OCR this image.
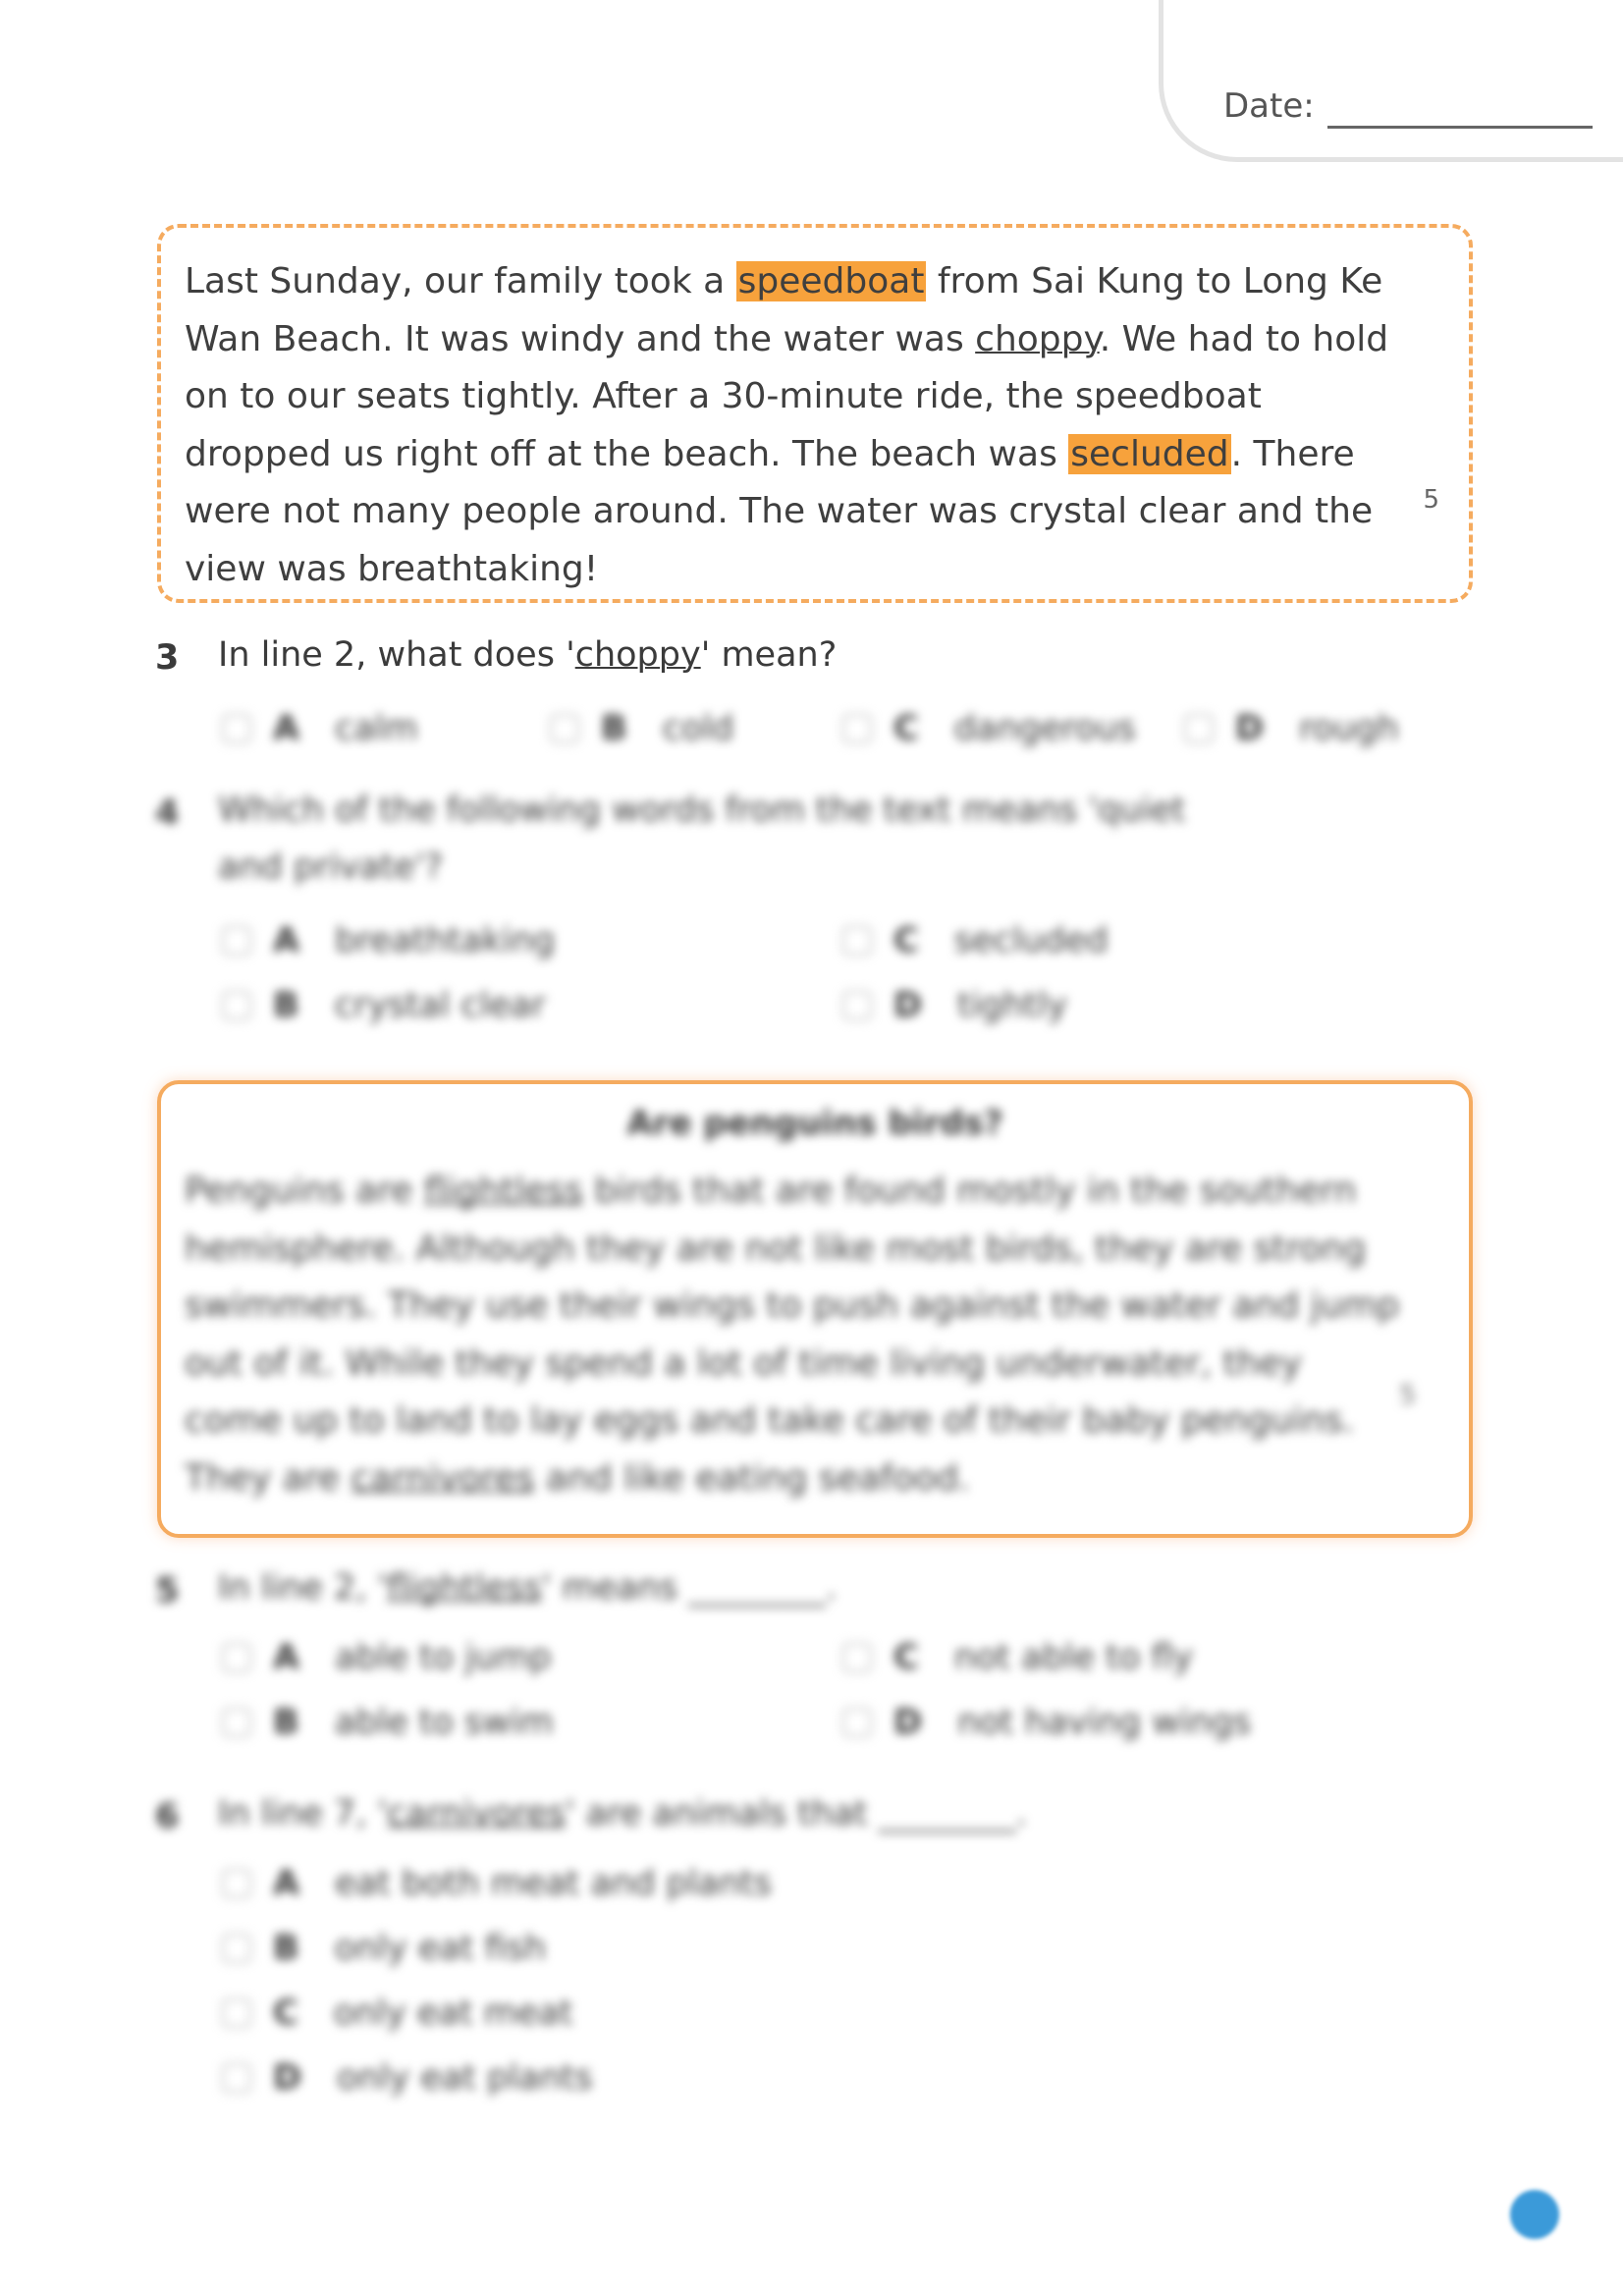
Date:
Last Sunday, our family took a speedboat from Sai Kung to Long Ke Wan Beach. It was windy and the water was choppy. We had to hold on to our seats tightly. After a 30-minute ride, the speedboat dropped us right off at the beach. The beach was secluded. There were not many people around. The water was crystal clear and the view was breathtaking!
5
3 In line 2, what does 'choppy' mean?
A calm	B cold	C dangerous	D rough
4 Which of the following words from the text means 'quiet
and private'?
A breathtaking
B crystal clear
C secluded
D tightly
Are penguins birds?
Penguins are flightless birds that are found mostly in the southern hemisphere. Although they are not like most birds, they are strong swimmers. They use their wings to push against the water and jump out of it. While they spend a lot of time living underwater, they come up to land to lay eggs and take care of their baby penguins. They are carnivores and like eating seafood.
5
5 In line 2, 'flightless' means ________.
A able to jump
B able to swim
C not able to fly
D not having wings
6 In line 7, 'carnivores' are animals that ________.
A eat both meat and plants
B only eat fish
C only eat meat
D only eat plants
